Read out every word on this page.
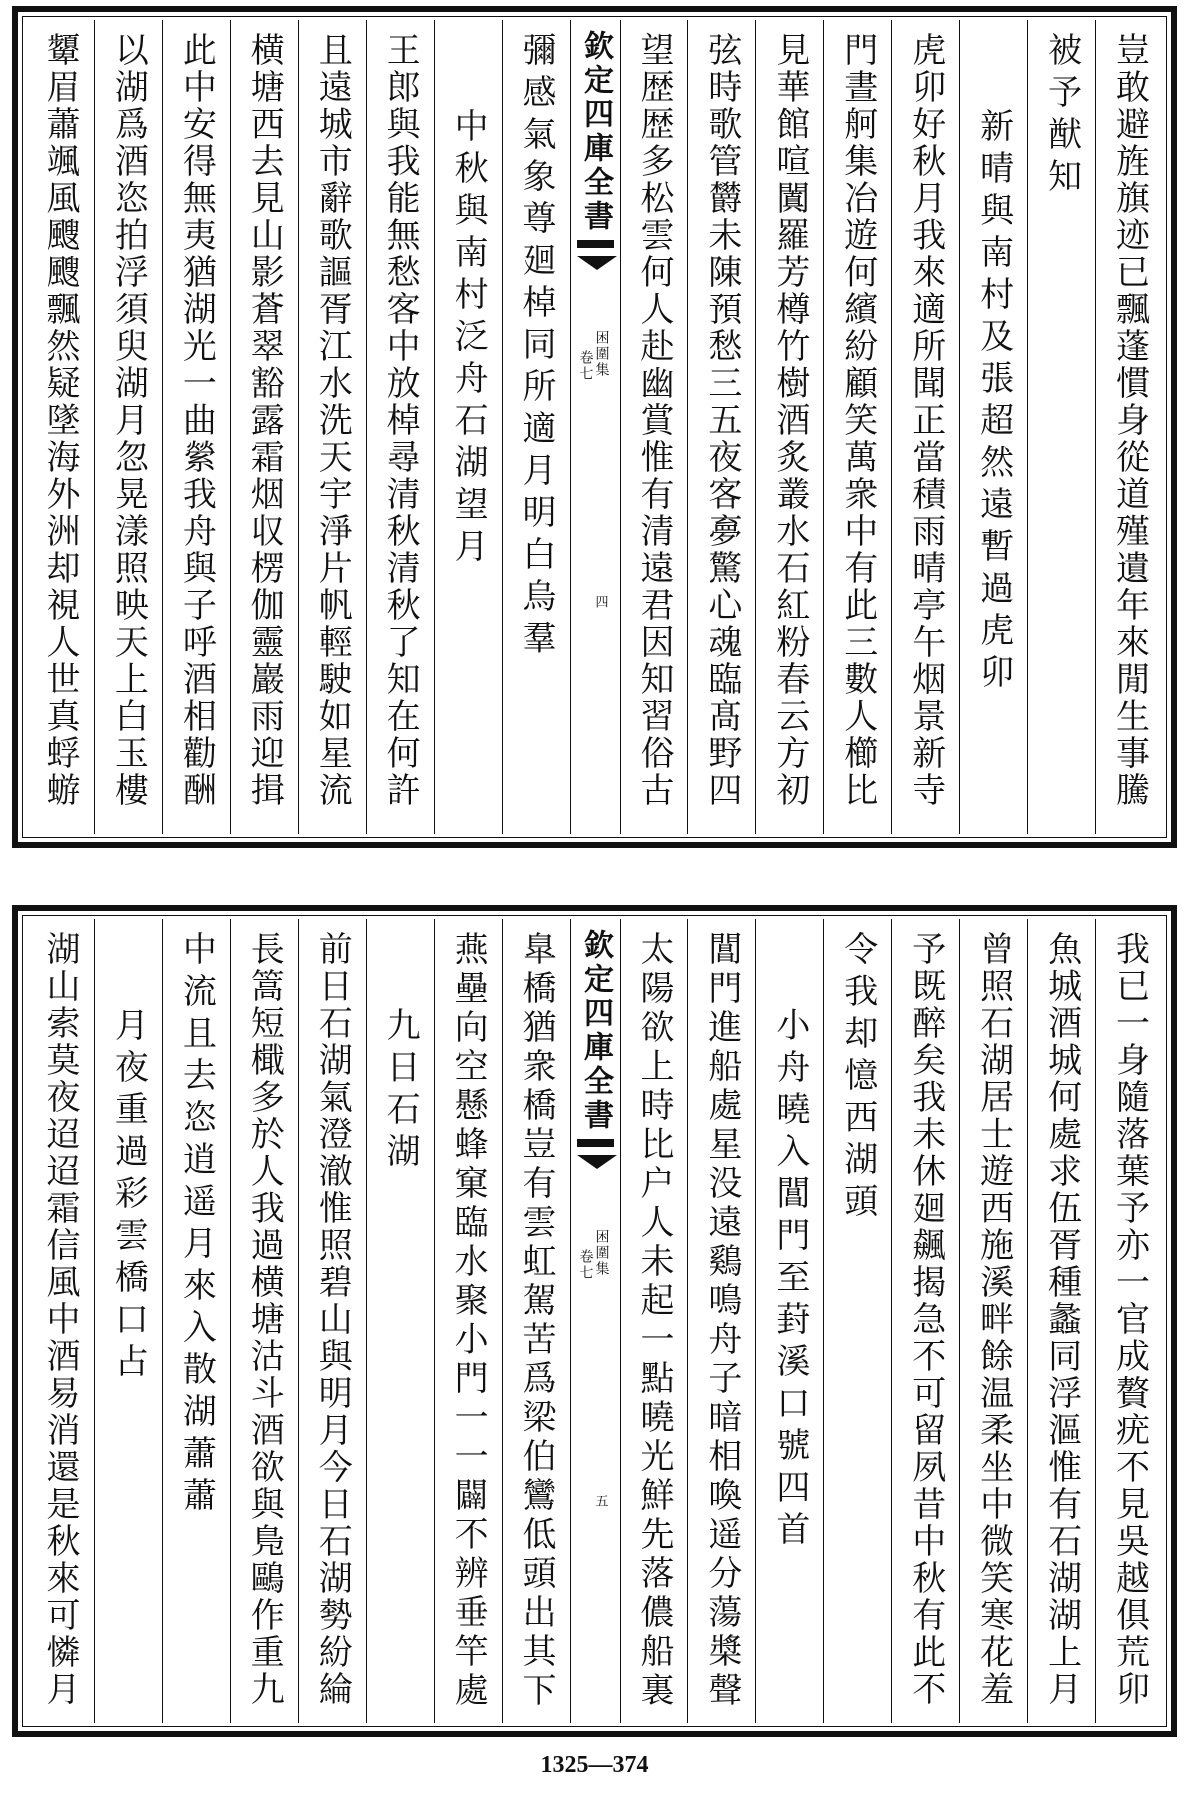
豈敢避旌旗迹已飄蓬慣身從道殣遺年來閒生事騰
被予猷知
新晴與南村及張超然遠暫過虎卯
虎卯好秋月我來適所聞正當積雨晴亭午烟景新寺
門晝舸集冶遊何繽紛顧笑萬衆中有此三數人櫛比
見華館喧闐羅芳樽竹樹酒炙叢水石紅粉春云方初
弦時歌管欝未陳預愁三五夜客夣驚心魂臨髙野四
望歴歴多松雲何人赴幽賞惟有清遠君因知習俗古
欽定四庫全書
困圍集
卷七
四
彌感氣象尊廻棹同所適月明白烏羣
中秋與南村泛舟石湖望月
王郎與我能無愁客中放棹尋清秋清秋了知在何許
且遠城市辭歌謳胥江水洗天宇淨片帆輕駛如星流
横塘西去見山影蒼翠豁露霜烟収楞伽靈巖雨迎揖
此中安得無夷猶湖光一曲縈我舟與子呼酒相勸酬
以湖爲酒恣拍浮須臾湖月忽晃漾照映天上白玉樓
顰眉蕭颯風颼颼飄然疑墜海外洲却視人世真蜉蝣
我已一身隨落葉予亦一官成贅疣不見吳越俱荒卯
魚城酒城何處求伍胥種蠡同浮漚惟有石湖湖上月
曾照石湖居士遊西施溪畔餘温柔坐中微笑寒花羞
予既醉矣我未休廻飆揭急不可留夙昔中秋有此不
令我却憶西湖頭
小舟曉入閶門至葑溪口號四首
閶門進船處星没遠鷄鳴舟子暗相喚遥分蕩槳聲
太陽欲上時比户人未起一點曉光鮮先落儂船裏
欽定四庫全書
困圍集
卷七
五
臯橋猶衆橋豈有雲虹駕苦爲梁伯鸞低頭出其下
燕壘向空懸蜂窠臨水聚小門一一闢不辨垂竿處
九日石湖
前日石湖氣澄澈惟照碧山與明月今日石湖勢紛綸
長篙短檝多於人我過横塘沽斗酒欲與鳬鷗作重九
中流且去恣逍遥月來入散湖蕭蕭
月夜重過彩雲橋口占
湖山索莫夜迢迢霜信風中酒易消還是秋來可憐月
1325—374
